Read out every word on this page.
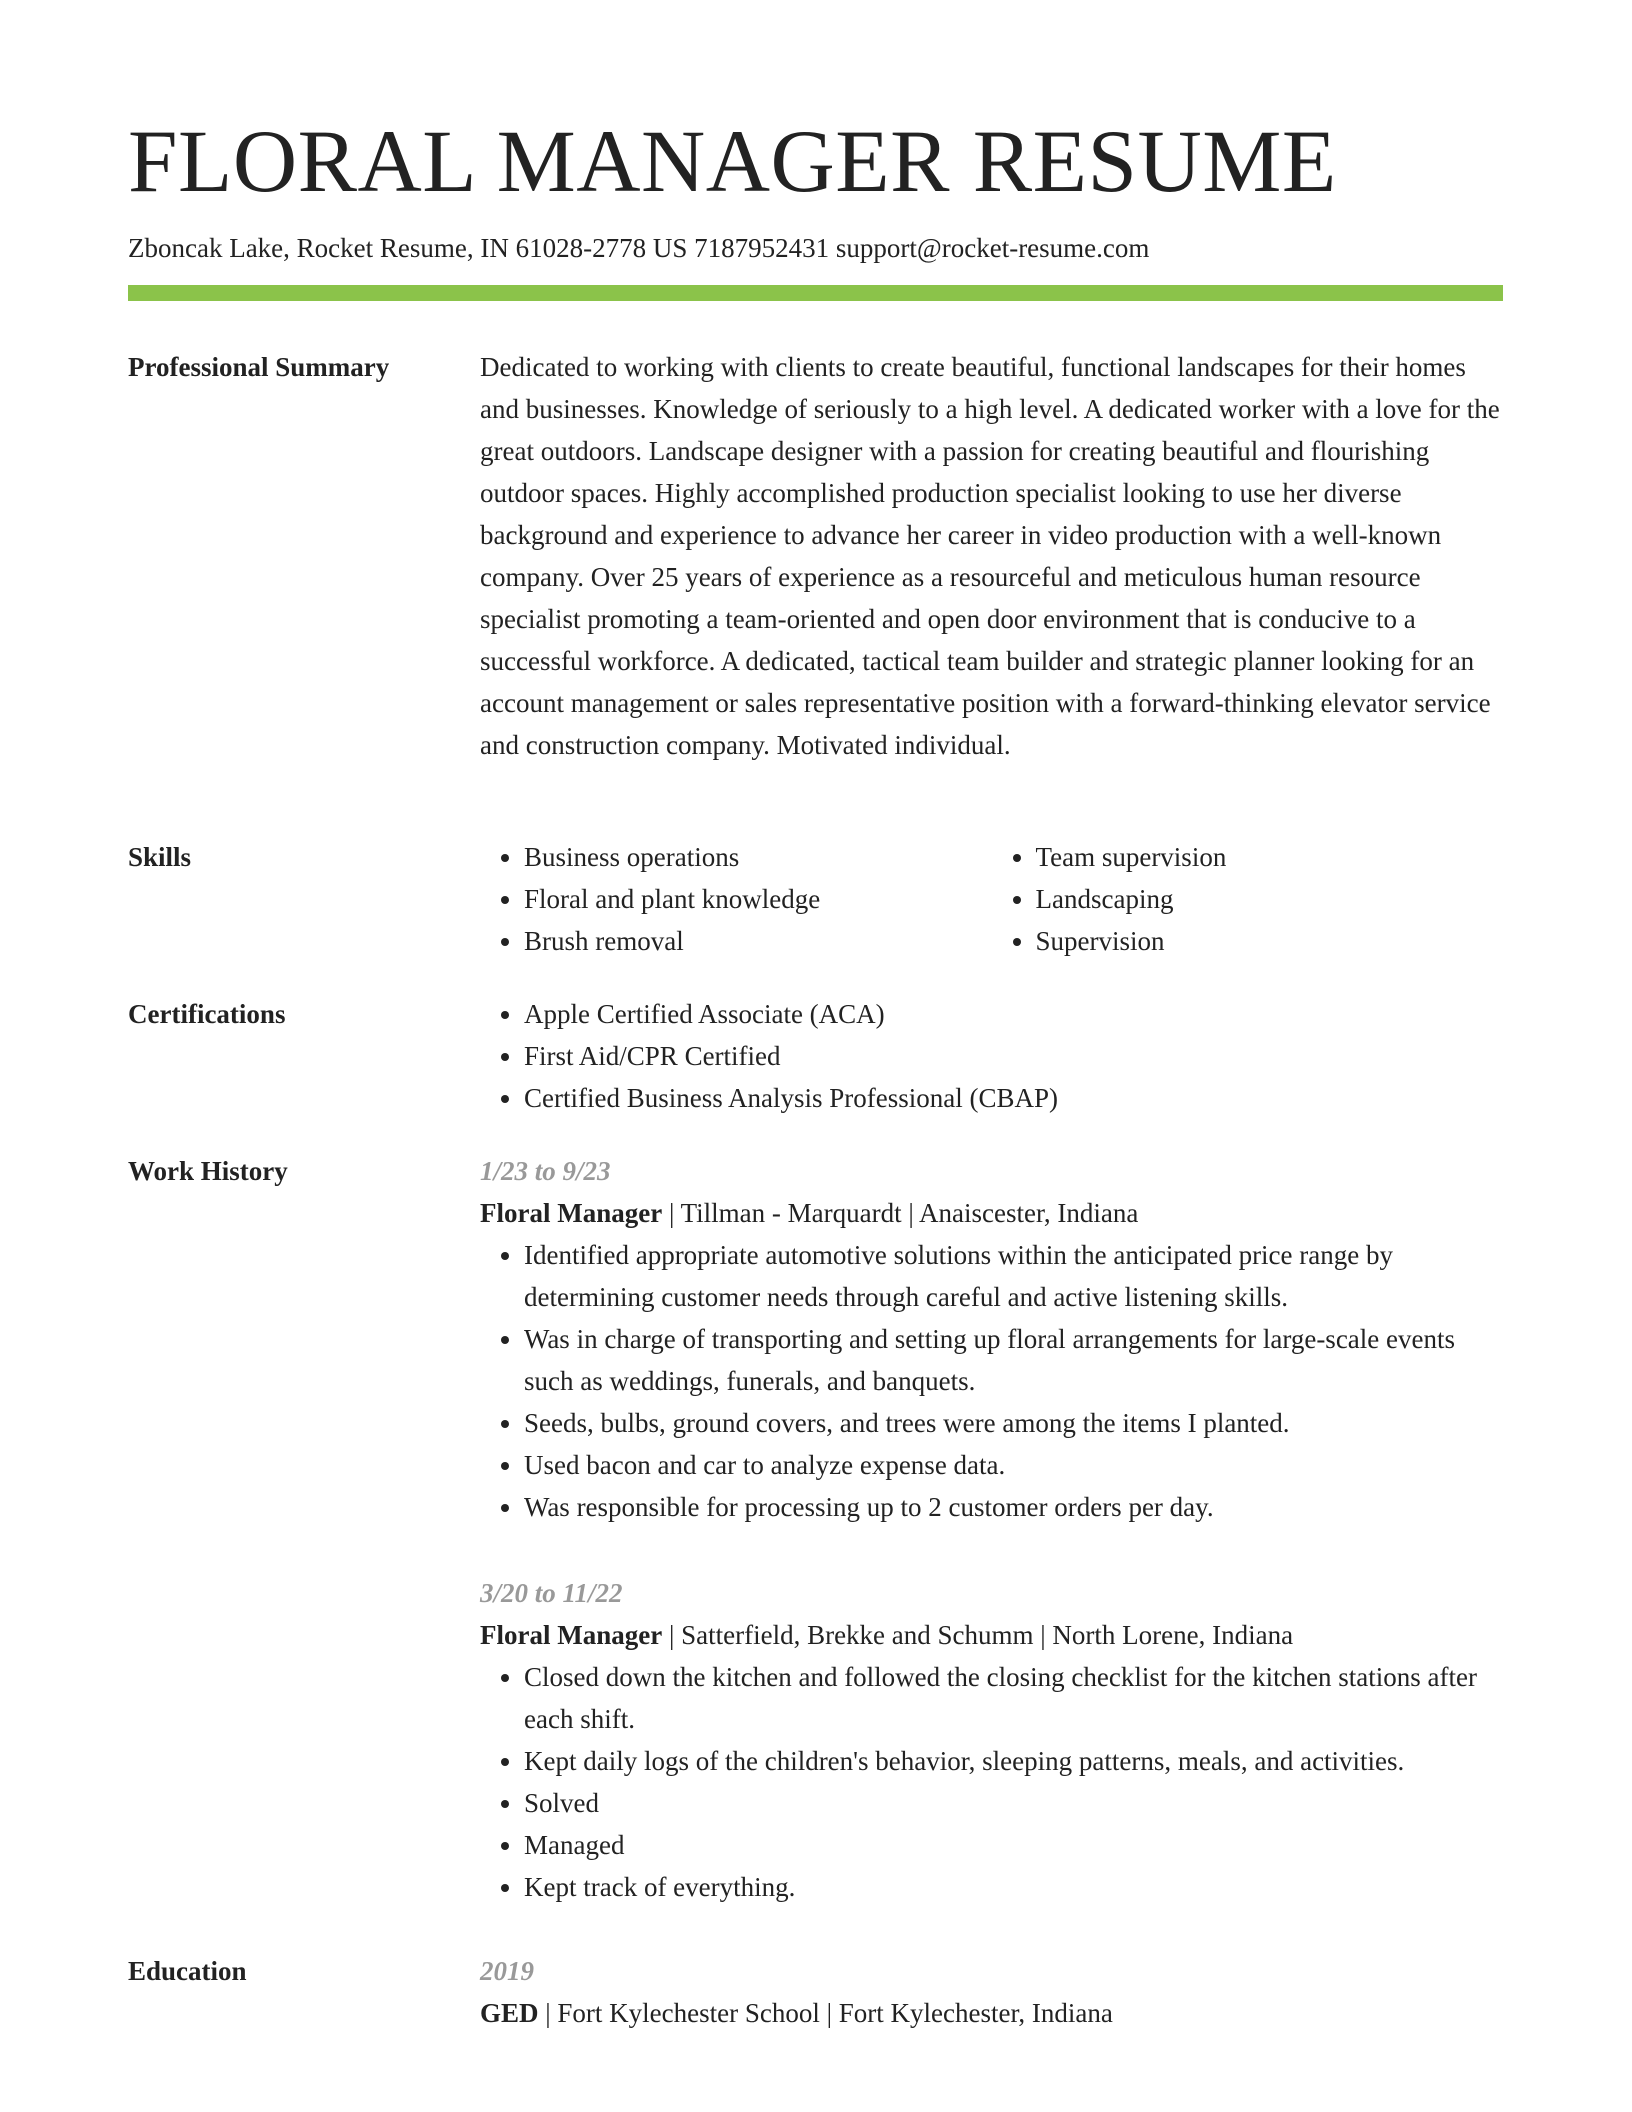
FLORAL MANAGER RESUME
Zboncak Lake, Rocket Resume, IN 61028-2778 US 7187952431 support@rocket-resume.com
Professional Summary	Dedicated to working with clients to create beautiful, functional landscapes for their homes and businesses. Knowledge of seriously to a high level. A dedicated worker with a love for the great outdoors. Landscape designer with a passion for creating beautiful and flourishing outdoor spaces. Highly accomplished production specialist looking to use her diverse background and experience to advance her career in video production with a well-known company. Over 25 years of experience as a resourceful and meticulous human resource specialist promoting a team-oriented and open door environment that is conducive to a successful workforce. A dedicated, tactical team builder and strategic planner looking for an account management or sales representative position with a forward-thinking elevator service and construction company. Motivated individual.

Skills	• Business operations
• Floral and plant knowledge
• Brush removal
• Team supervision
• Landscaping
• Supervision
Certifications	• Apple Certified Associate (ACA)
• First Aid/CPR Certified
• Certified Business Analysis Professional (CBAP)
Work History	1/23 to 9/23
Floral Manager | Tillman - Marquardt | Anaiscester, Indiana
• Identified appropriate automotive solutions within the anticipated price range by determining customer needs through careful and active listening skills.
• Was in charge of transporting and setting up floral arrangements for large-scale events such as weddings, funerals, and banquets.
• Seeds, bulbs, ground covers, and trees were among the items I planted.
• Used bacon and car to analyze expense data.
• Was responsible for processing up to 2 customer orders per day.
3/20 to 11/22
Floral Manager | Satterfield, Brekke and Schumm | North Lorene, Indiana
• Closed down the kitchen and followed the closing checklist for the kitchen stations after each shift.
• Kept daily logs of the children's behavior, sleeping patterns, meals, and activities.
• Solved
• Managed
• Kept track of everything.
Education	2019
GED | Fort Kylechester School | Fort Kylechester, Indiana
